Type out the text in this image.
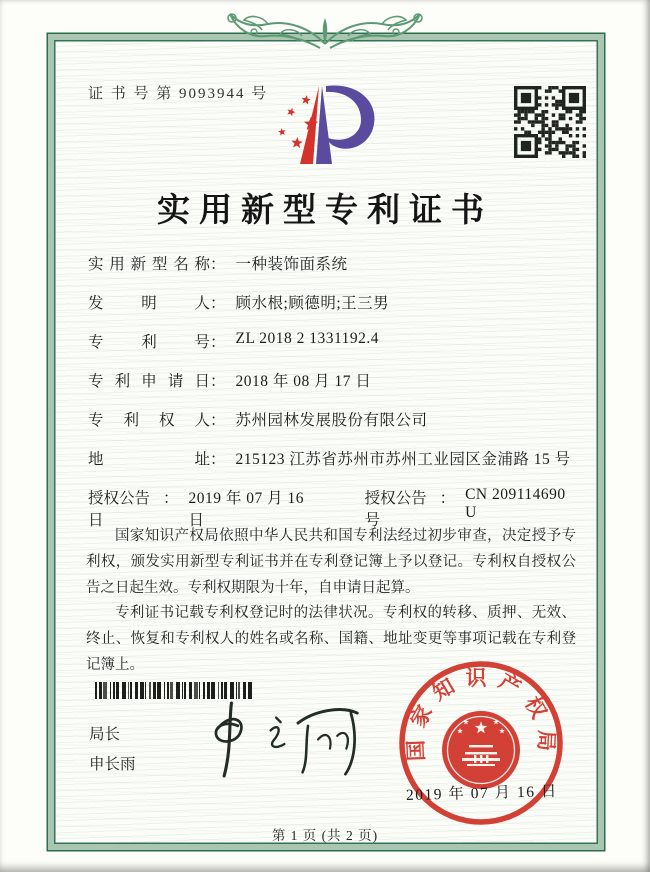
证 书 号 第 9093944 号
实用新型专利证书
实用新型名称 ： 一种装饰面系统
发明人 ： 顾水根;顾德明;王三男
专利号 ： ZL 2018 2 1331192.4
专利申请日 ： 2018 年 08 月 17 日
专利权人 ： 苏州园林发展股份有限公司
地址 ： 215123 江苏省苏州市苏州工业园区金浦路 15 号
授权公告日
： 2019 年 07 月 16 日
授权公告号
： CN 209114690 U

国家知识产权局依照中华人民共和国专利法经过初步审查，决定授予专利权，颁发实用新型专利证书并在专利登记簿上予以登记。专利权自授权公告之日起生效。专利权期限为十年，自申请日起算。

专利证书记载专利权登记时的法律状况。专利权的转移、质押、无效、终止、恢复和专利权人的姓名或名称、国籍、地址变更等事项记载在专利登记簿上。

局长
申长雨
国家知识产权局
2019 年 07 月 16 日
第 1 页 (共 2 页)
